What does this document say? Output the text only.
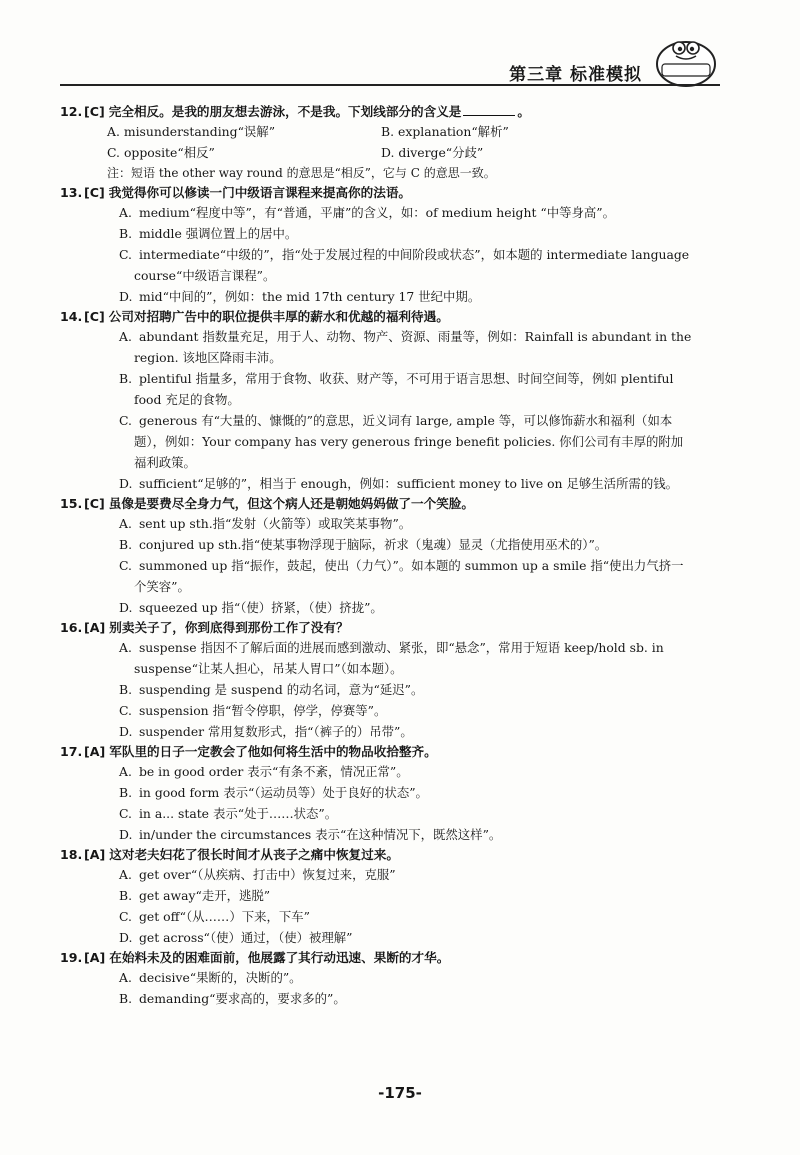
第三章 标准模拟
12. [C] 完全相反。是我的朋友想去游泳，不是我。下划线部分的含义是	。
A. misunderstanding“误解”	B. explanation“解析”
C. opposite“相反”	D. diverge“分歧”
注：短语 the other way round 的意思是“相反”，它与 C 的意思一致。
13. [C] 我觉得你可以修读一门中级语言课程来提高你的法语。
A. medium“程度中等”，有“普通，平庸”的含义，如：of medium height “中等身高”。
B. middle 强调位置上的居中。
C. intermediate“中级的”，指“处于发展过程的中间阶段或状态”，如本题的 intermediate language
course“中级语言课程”。
D. mid“中间的”，例如：the mid 17th century 17 世纪中期。
14. [C] 公司对招聘广告中的职位提供丰厚的薪水和优越的福利待遇。
A. abundant 指数量充足，用于人、动物、物产、资源、雨量等，例如：Rainfall is abundant in the
region. 该地区降雨丰沛。
B. plentiful 指量多，常用于食物、收获、财产等，不可用于语言思想、时间空间等，例如 plentiful
food 充足的食物。
C. generous 有“大量的、慷慨的”的意思，近义词有 large, ample 等，可以修饰薪水和福利（如本
题），例如：Your company has very generous fringe benefit policies. 你们公司有丰厚的附加
福利政策。
D. sufficient“足够的”，相当于 enough，例如：sufficient money to live on 足够生活所需的钱。
15. [C] 虽像是要费尽全身力气，但这个病人还是朝她妈妈做了一个笑脸。
A. sent up sth.指“发射（火箭等）或取笑某事物”。
B. conjured up sth.指“使某事物浮现于脑际，祈求（鬼魂）显灵（尤指使用巫术的）”。
C. summoned up 指“振作，鼓起，使出（力气）”。如本题的 summon up a smile 指“使出力气挤一
个笑容”。
D. squeezed up 指“（使）挤紧，（使）挤拢”。
16. [A] 别卖关子了，你到底得到那份工作了没有？
A. suspense 指因不了解后面的进展而感到激动、紧张，即“悬念”，常用于短语 keep/hold sb. in
suspense“让某人担心，吊某人胃口”（如本题）。
B. suspending 是 suspend 的动名词，意为“延迟”。
C. suspension 指“暂令停职，停学，停赛等”。
D. suspender 常用复数形式，指“（裤子的）吊带”。
17. [A] 军队里的日子一定教会了他如何将生活中的物品收拾整齐。
A. be in good order 表示“有条不紊，情况正常”。
B. in good form 表示“（运动员等）处于良好的状态”。
C. in a... state 表示“处于……状态”。
D. in/under the circumstances 表示“在这种情况下，既然这样”。
18. [A] 这对老夫妇花了很长时间才从丧子之痛中恢复过来。
A. get over“（从疾病、打击中）恢复过来，克服”
B. get away“走开，逃脱”
C. get off“（从……）下来，下车”
D. get across“（使）通过，（使）被理解”
19. [A] 在始料未及的困难面前，他展露了其行动迅速、果断的才华。
A. decisive“果断的，决断的”。
B. demanding“要求高的，要求多的”。
-175-
